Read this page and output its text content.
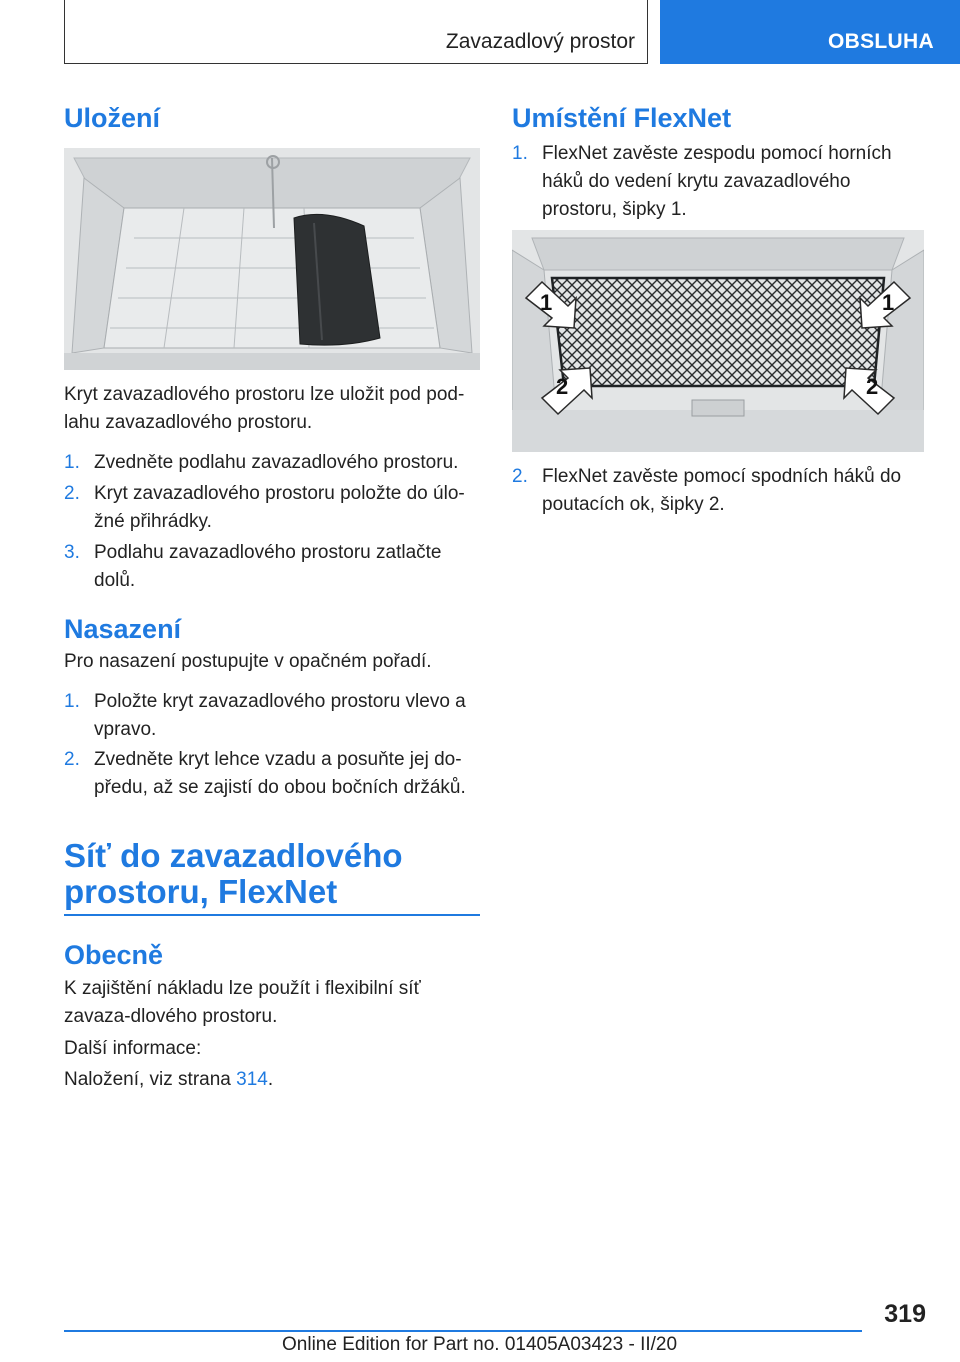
Zavazadlový prostor	OBSLUHA
Uložení

Kryt zavazadlového prostoru lze uložit pod pod-lahu zavazadlového prostoru.

1. Zvedněte podlahu zavazadlového prostoru.
2. Kryt zavazadlového prostoru položte do úlo-žné přihrádky.
3. Podlahu zavazadlového prostoru zatlačte dolů.
Nasazení

Pro nasazení postupujte v opačném pořadí.

1. Položte kryt zavazadlového prostoru vlevo a vpravo.
2. Zvedněte kryt lehce vzadu a posuňte jej do-předu, až se zajistí do obou bočních držáků.
Síť do zavazadlového
prostoru, FlexNet
Obecně

K zajištění nákladu lze použít i flexibilní síť zavaza-dlového prostoru.

Další informace:

Naložení, viz strana 314.

Umístění FlexNet
1. FlexNet zavěste zespodu pomocí horních háků do vedení krytu zavazadlového prostoru, šipky 1.
1	1
2	2
2. FlexNet zavěste pomocí spodních háků do poutacích ok, šipky 2.
319
Online Edition for Part no. 01405A03423 - II/20
